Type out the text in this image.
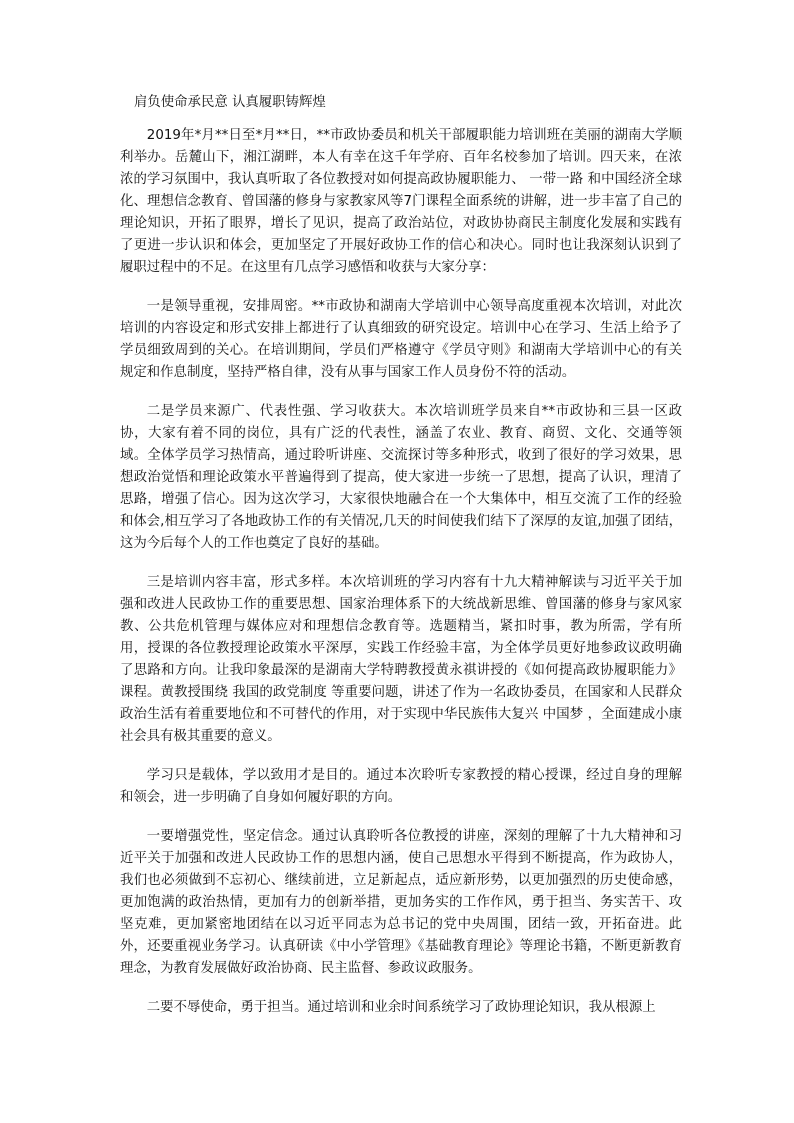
肩负使命承民意 认真履职铸辉煌

2019年*月**日至*月**日，**市政协委员和机关干部履职能力培训班在美丽的湖南大学顺利举办。岳麓山下，湘江湖畔，本人有幸在这千年学府、百年名校参加了培训。四天来，在浓浓的学习氛围中，我认真听取了各位教授对如何提高政协履职能力、 一带一路 和中国经济全球化、理想信念教育、曾国藩的修身与家教家风等7门课程全面系统的讲解，进一步丰富了自己的理论知识，开拓了眼界，增长了见识，提高了政治站位，对政协协商民主制度化发展和实践有了更进一步认识和体会，更加坚定了开展好政协工作的信心和决心。同时也让我深刻认识到了履职过程中的不足。在这里有几点学习感悟和收获与大家分享：

一是领导重视，安排周密。**市政协和湖南大学培训中心领导高度重视本次培训，对此次培训的内容设定和形式安排上都进行了认真细致的研究设定。培训中心在学习、生活上给予了学员细致周到的关心。在培训期间，学员们严格遵守《学员守则》和湖南大学培训中心的有关规定和作息制度，坚持严格自律，没有从事与国家工作人员身份不符的活动。

二是学员来源广、代表性强、学习收获大。本次培训班学员来自**市政协和三县一区政协，大家有着不同的岗位，具有广泛的代表性，涵盖了农业、教育、商贸、文化、交通等领域。全体学员学习热情高，通过聆听讲座、交流探讨等多种形式，收到了很好的学习效果，思想政治觉悟和理论政策水平普遍得到了提高，使大家进一步统一了思想，提高了认识，理清了思路，增强了信心。因为这次学习，大家很快地融合在一个大集体中，相互交流了工作的经验和体会,相互学习了各地政协工作的有关情况,几天的时间使我们结下了深厚的友谊,加强了团结，这为今后每个人的工作也奠定了良好的基础。

三是培训内容丰富，形式多样。本次培训班的学习内容有十九大精神解读与习近平关于加强和改进人民政协工作的重要思想、国家治理体系下的大统战新思维、曾国藩的修身与家风家教、公共危机管理与媒体应对和理想信念教育等。选题精当，紧扣时事，教为所需，学有所用，授课的各位教授理论政策水平深厚，实践工作经验丰富，为全体学员更好地参政议政明确了思路和方向。让我印象最深的是湖南大学特聘教授黄永祺讲授的《如何提高政协履职能力》课程。黄教授围绕 我国的政党制度 等重要问题，讲述了作为一名政协委员，在国家和人民群众政治生活有着重要地位和不可替代的作用，对于实现中华民族伟大复兴 中国梦 ，全面建成小康社会具有极其重要的意义。

学习只是载体，学以致用才是目的。通过本次聆听专家教授的精心授课，经过自身的理解和领会，进一步明确了自身如何履好职的方向。

一要增强党性，坚定信念。通过认真聆听各位教授的讲座，深刻的理解了十九大精神和习近平关于加强和改进人民政协工作的思想内涵，使自己思想水平得到不断提高，作为政协人，我们也必须做到不忘初心、继续前进，立足新起点，适应新形势，以更加强烈的历史使命感，更加饱满的政治热情，更加有力的创新举措，更加务实的工作作风，勇于担当、务实苦干、攻坚克难，更加紧密地团结在以习近平同志为总书记的党中央周围，团结一致，开拓奋进。此外，还要重视业务学习。认真研读《中小学管理》《基础教育理论》等理论书籍，不断更新教育理念，为教育发展做好政治协商、民主监督、参政议政服务。

二要不辱使命，勇于担当。通过培训和业余时间系统学习了政协理论知识，我从根源上
